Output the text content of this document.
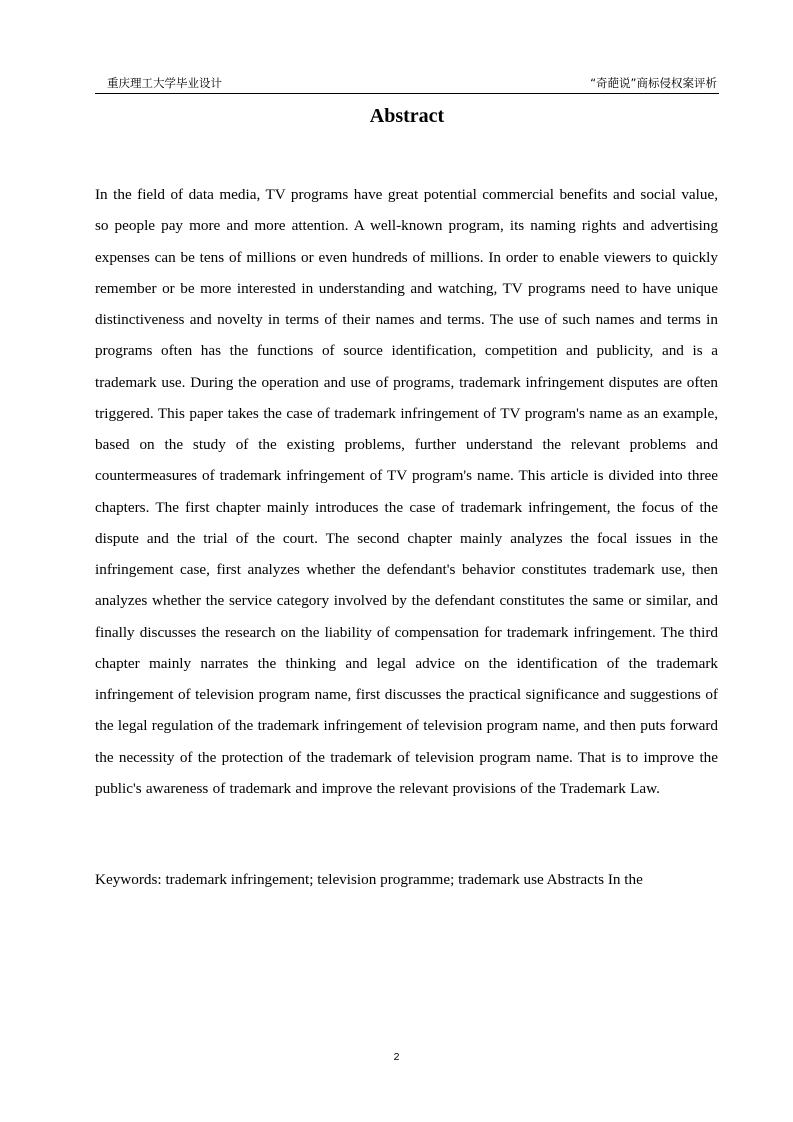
重庆理工大学毕业设计	“奇葩说”商标侵权案评析
Abstract

In the field of data media, TV programs have great potential commercial benefits and social value, so people pay more and more attention. A well-known program, its naming rights and advertising expenses can be tens of millions or even hundreds of millions. In order to enable viewers to quickly remember or be more interested in understanding and watching, TV programs need to have unique distinctiveness and novelty in terms of their names and terms. The use of such names and terms in programs often has the functions of source identification, competition and publicity, and is a trademark use. During the operation and use of programs, trademark infringement disputes are often triggered. This paper takes the case of trademark infringement of TV program's name as an example, based on the study of the existing problems, further understand the relevant problems and countermeasures of trademark infringement of TV program's name. This article is divided into three chapters. The first chapter mainly introduces the case of trademark infringement, the focus of the dispute and the trial of the court. The second chapter mainly analyzes the focal issues in the infringement case, first analyzes whether the defendant's behavior constitutes trademark use, then analyzes whether the service category involved by the defendant constitutes the same or similar, and finally discusses the research on the liability of compensation for trademark infringement. The third chapter mainly narrates the thinking and legal advice on the identification of the trademark infringement of television program name, first discusses the practical significance and suggestions of the legal regulation of the trademark infringement of television program name, and then puts forward the necessity of the protection of the trademark of television program name. That is to improve the public's awareness of trademark and improve the relevant provisions of the Trademark Law.

Keywords: trademark infringement; television programme; trademark use Abstracts In the

2
